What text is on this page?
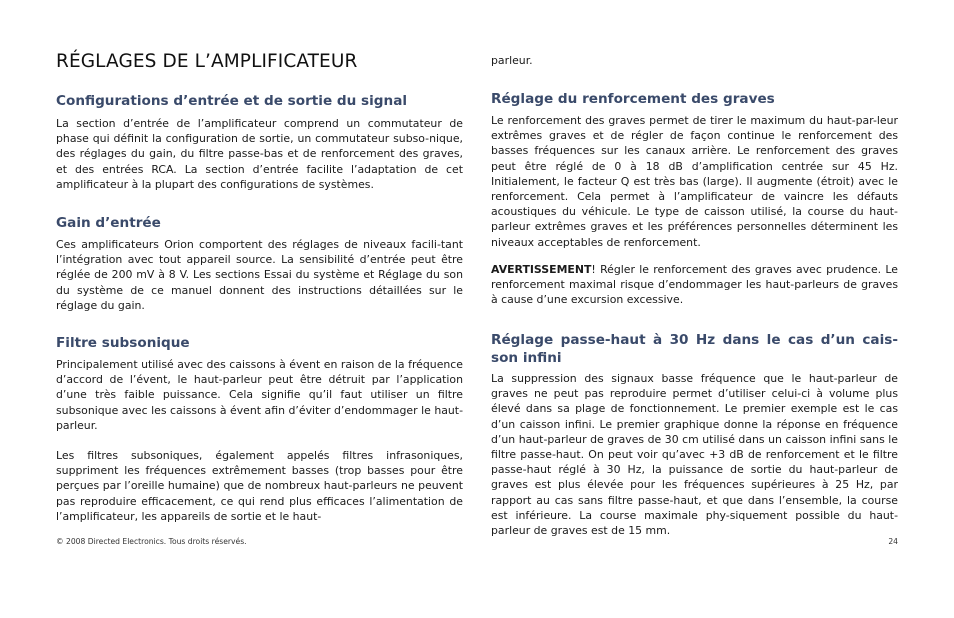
RÉGLAGES DE L’AMPLIFICATEUR
Configurations d’entrée et de sortie du signal

La section d’entrée de l’amplificateur comprend un commutateur de phase qui définit la configuration de sortie, un commutateur subso-nique, des réglages du gain, du filtre passe-bas et de renforcement des graves, et des entrées RCA. La section d’entrée facilite l’adaptation de cet amplificateur à la plupart des configurations de systèmes.

Gain d’entrée

Ces amplificateurs Orion comportent des réglages de niveaux facili-tant l’intégration avec tout appareil source. La sensibilité d’entrée peut être réglée de 200 mV à 8 V. Les sections Essai du système et Réglage du son du système de ce manuel donnent des instructions détaillées sur le réglage du gain.

Filtre subsonique

Principalement utilisé avec des caissons à évent en raison de la fréquence d’accord de l’évent, le haut-parleur peut être détruit par l’application d’une très faible puissance. Cela signifie qu’il faut utiliser un filtre subsonique avec les caissons à évent afin d’éviter d’endommager le haut-parleur.

Les filtres subsoniques, également appelés filtres infrasoniques, suppriment les fréquences extrêmement basses (trop basses pour être perçues par l’oreille humaine) que de nombreux haut-parleurs ne peuvent pas reproduire efficacement, ce qui rend plus efficaces l’alimentation de l’amplificateur, les appareils de sortie et le haut-

© 2008 Directed Electronics. Tous droits réservés.

parleur.

Réglage du renforcement des graves

Le renforcement des graves permet de tirer le maximum du haut-par-leur extrêmes graves et de régler de façon continue le renforcement des basses fréquences sur les canaux arrière. Le renforcement des graves peut être réglé de 0 à 18 dB d’amplification centrée sur 45 Hz. Initialement, le facteur Q est très bas (large). Il augmente (étroit) avec le renforcement. Cela permet à l’amplificateur de vaincre les défauts acoustiques du véhicule. Le type de caisson utilisé, la course du haut-parleur extrêmes graves et les préférences personnelles déterminent les niveaux acceptables de renforcement.

AVERTISSEMENT! Régler le renforcement des graves avec prudence. Le renforcement maximal risque d’endommager les haut-parleurs de graves à cause d’une excursion excessive.

Réglage passe-haut à 30 Hz dans le cas d’un cais-son infini

La suppression des signaux basse fréquence que le haut-parleur de graves ne peut pas reproduire permet d’utiliser celui-ci à volume plus élevé dans sa plage de fonctionnement. Le premier exemple est le cas d’un caisson infini. Le premier graphique donne la réponse en fréquence d’un haut-parleur de graves de 30 cm utilisé dans un caisson infini sans le filtre passe-haut. On peut voir qu’avec +3 dB de renforcement et le filtre passe-haut réglé à 30 Hz, la puissance de sortie du haut-parleur de graves est plus élevée pour les fréquences supérieures à 25 Hz, par rapport au cas sans filtre passe-haut, et que dans l’ensemble, la course est inférieure. La course maximale phy-siquement possible du haut-parleur de graves est de 15 mm.

24
